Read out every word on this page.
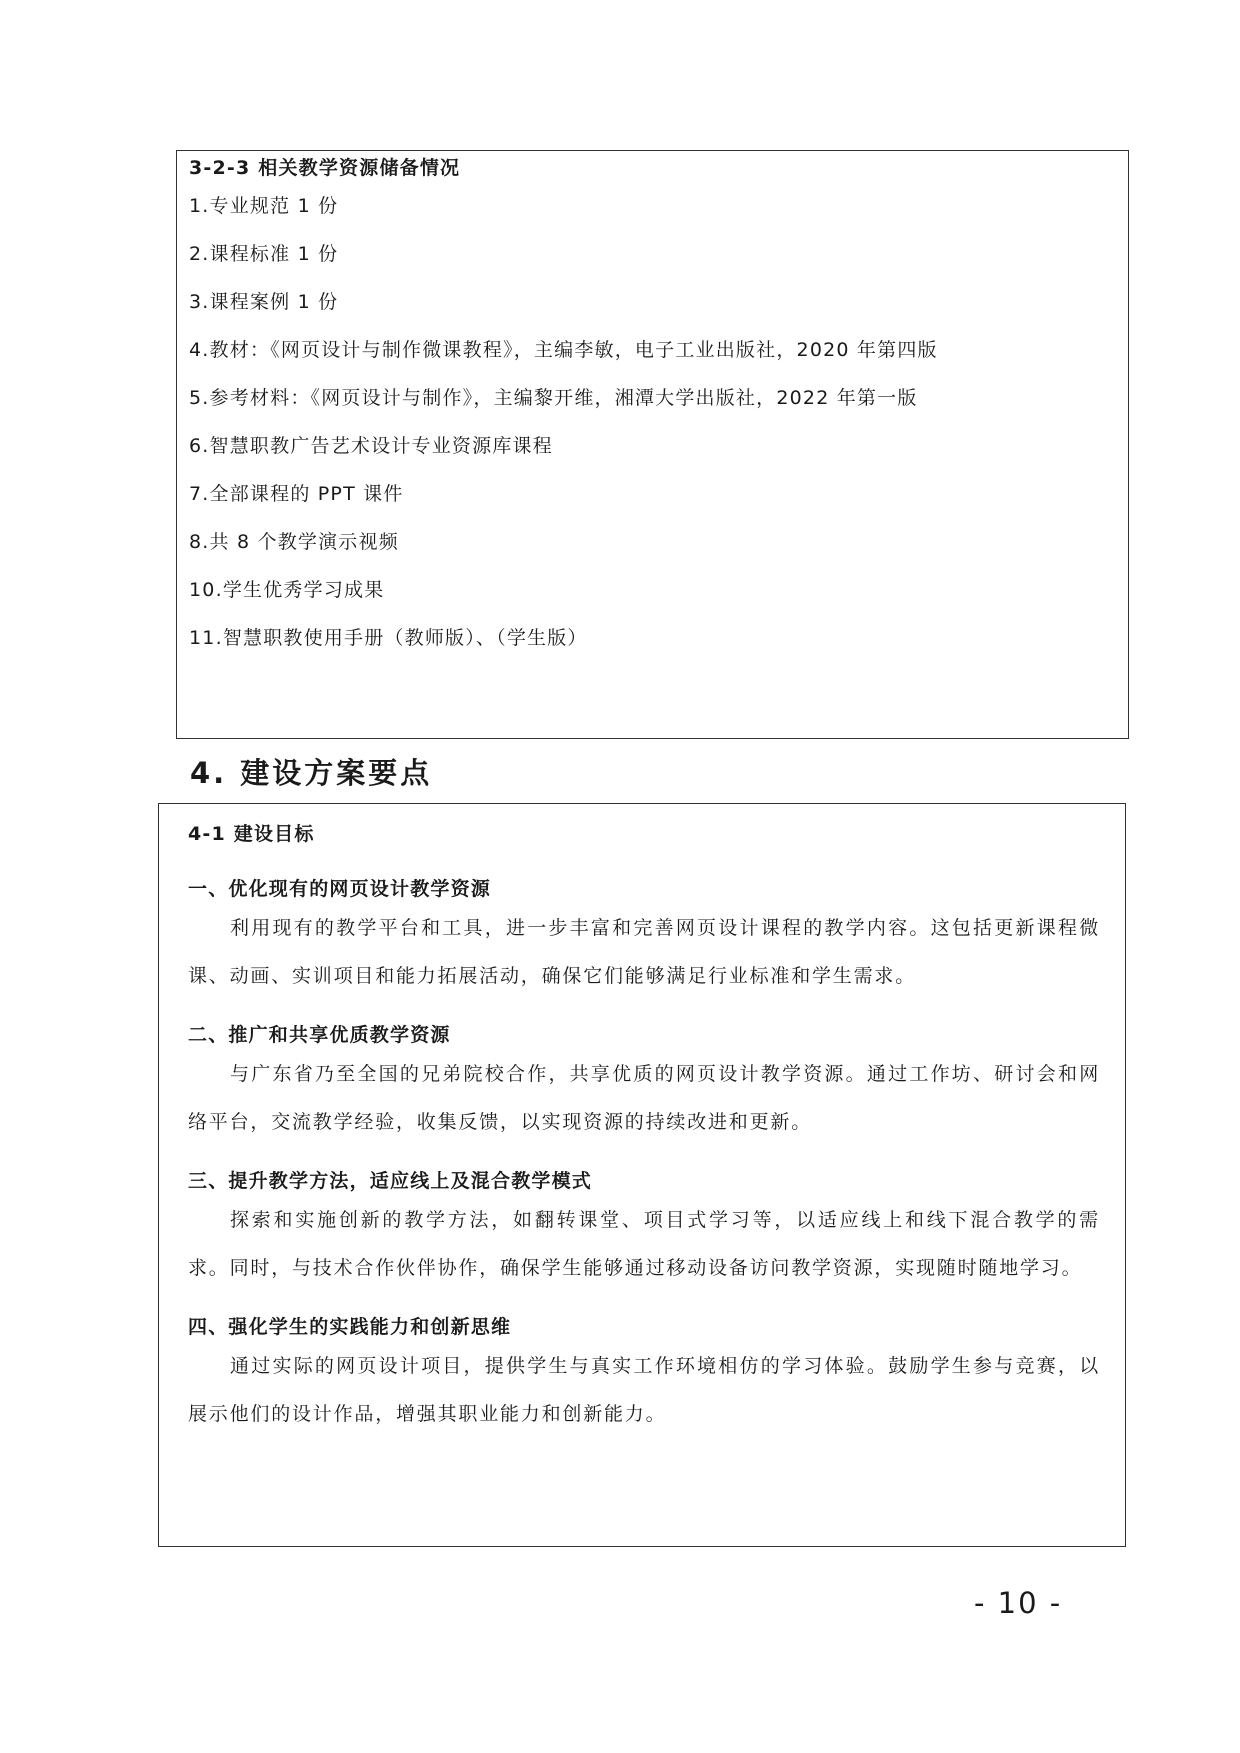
3-2-3 相关教学资源储备情况
1.专业规范 1 份
2.课程标准 1 份
3.课程案例 1 份
4.教材：《网页设计与制作微课教程》，主编李敏，电子工业出版社，2020 年第四版
5.参考材料：《网页设计与制作》，主编黎开维，湘潭大学出版社，2022 年第一版
6.智慧职教广告艺术设计专业资源库课程
7.全部课程的 PPT 课件
8.共 8 个教学演示视频
10.学生优秀学习成果
11.智慧职教使用手册（教师版）、（学生版）
4. 建设方案要点
4-1 建设目标
一、优化现有的网页设计教学资源
利用现有的教学平台和工具，进一步丰富和完善网页设计课程的教学内容。这包括更新课程微课、动画、实训项目和能力拓展活动，确保它们能够满足行业标准和学生需求。
二、推广和共享优质教学资源
与广东省乃至全国的兄弟院校合作，共享优质的网页设计教学资源。通过工作坊、研讨会和网络平台，交流教学经验，收集反馈，以实现资源的持续改进和更新。
三、提升教学方法，适应线上及混合教学模式
探索和实施创新的教学方法，如翻转课堂、项目式学习等，以适应线上和线下混合教学的需求。同时，与技术合作伙伴协作，确保学生能够通过移动设备访问教学资源，实现随时随地学习。
四、强化学生的实践能力和创新思维
通过实际的网页设计项目，提供学生与真实工作环境相仿的学习体验。鼓励学生参与竞赛，以展示他们的设计作品，增强其职业能力和创新能力。
- 10 -
